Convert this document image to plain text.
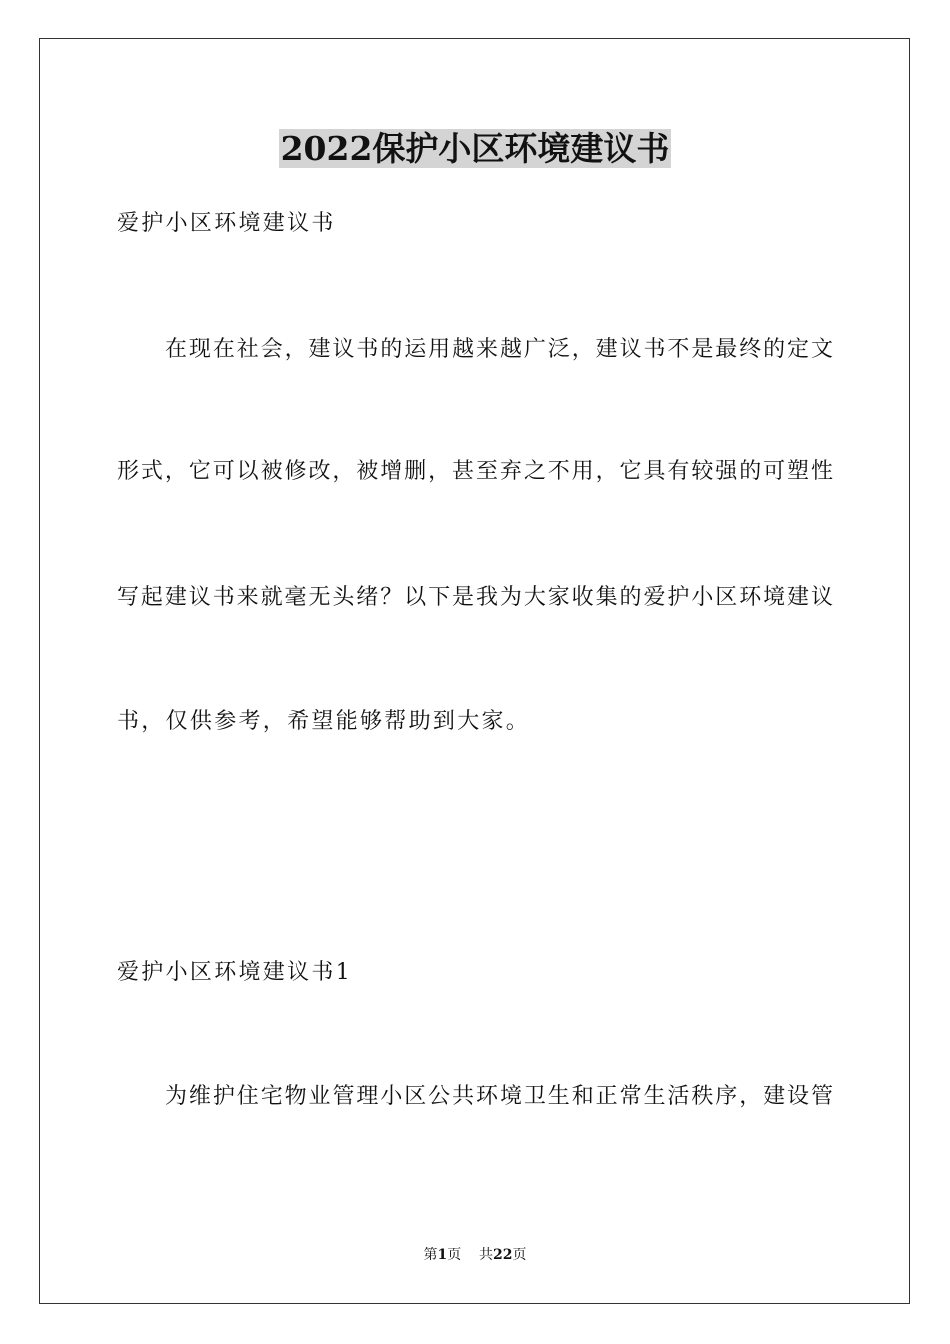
2022保护小区环境建议书
爱护小区环境建议书
在现在社会，建议书的运用越来越广泛，建议书不是最终的定文
形式，它可以被修改，被增删，甚至弃之不用，它具有较强的可塑性
写起建议书来就毫无头绪？以下是我为大家收集的爱护小区环境建议
书，仅供参考，希望能够帮助到大家。
爱护小区环境建议书1
为维护住宅物业管理小区公共环境卫生和正常生活秩序，建设管
第1页 共22页
